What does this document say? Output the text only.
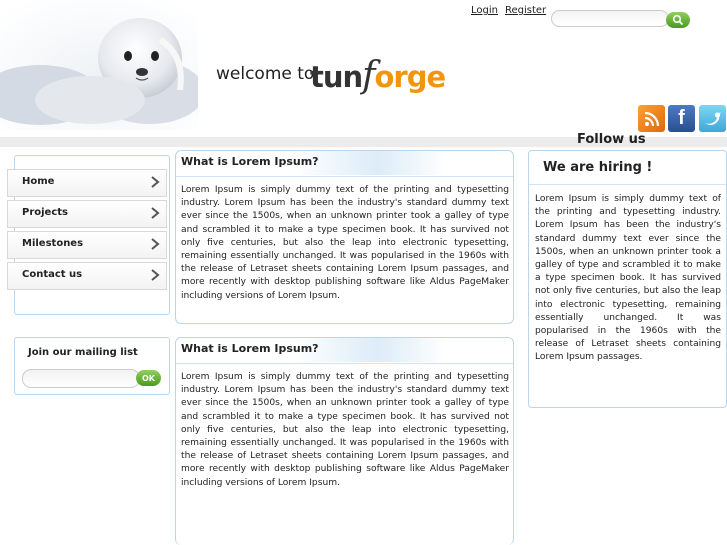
welcome to
tunforge
Login Register
f
Follow us
Home
Projects
Milestones
Contact us
Join our mailing list
OK
What is Lorem Ipsum?
Lorem Ipsum is simply dummy text of the printing and typesetting industry. Lorem Ipsum has been the industry's standard dummy text ever since the 1500s, when an unknown printer took a galley of type and scrambled it to make a type specimen book. It has survived not only five centuries, but also the leap into electronic typesetting, remaining essentially unchanged. It was popularised in the 1960s with the release of Letraset sheets containing Lorem Ipsum passages, and more recently with desktop publishing software like Aldus PageMaker including versions of Lorem Ipsum.
What is Lorem Ipsum?
Lorem Ipsum is simply dummy text of the printing and typesetting industry. Lorem Ipsum has been the industry's standard dummy text ever since the 1500s, when an unknown printer took a galley of type and scrambled it to make a type specimen book. It has survived not only five centuries, but also the leap into electronic typesetting, remaining essentially unchanged. It was popularised in the 1960s with the release of Letraset sheets containing Lorem Ipsum passages, and more recently with desktop publishing software like Aldus PageMaker including versions of Lorem Ipsum.
We are hiring !
Lorem Ipsum is simply dummy text of the printing and typesetting industry. Lorem Ipsum has been the industry's standard dummy text ever since the 1500s, when an unknown printer took a galley of type and scrambled it to make a type specimen book. It has survived not only five centuries, but also the leap into electronic typesetting, remaining essentially unchanged. It was popularised in the 1960s with the release of Letraset sheets containing Lorem Ipsum passages.
